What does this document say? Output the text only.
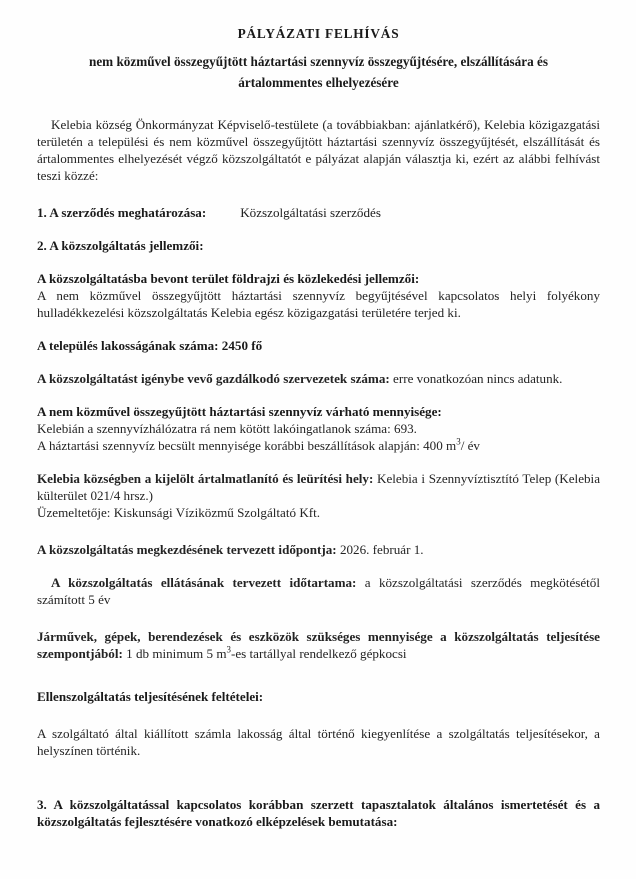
PÁLYÁZATI FELHÍVÁS
nem közművel összegyűjtött háztartási szennyvíz összegyűjtésére, elszállítására és
ártalommentes elhelyezésére

Kelebia község Önkormányzat Képviselő-testülete (a továbbiakban: ajánlatkérő), Kelebia közigazgatási területén a települési és nem közművel összegyűjtött háztartási szennyvíz összegyűjtését, elszállítását és ártalommentes elhelyezését végző közszolgáltatót e pályázat alapján választja ki, ezért az alábbi felhívást teszi közzé:

1. A szerződés meghatározása:	Közszolgáltatási szerződés

2. A közszolgáltatás jellemzői:

A közszolgáltatásba bevont terület földrajzi és közlekedési jellemzői:

A nem közművel összegyűjtött háztartási szennyvíz begyűjtésével kapcsolatos helyi folyékony hulladékkezelési közszolgáltatás Kelebia egész közigazgatási területére terjed ki.

A település lakosságának száma: 2450 fő

A közszolgáltatást igénybe vevő gazdálkodó szervezetek száma: erre vonatkozóan nincs adatunk.

A nem közművel összegyűjtött háztartási szennyvíz várható mennyisége:

Kelebián a szennyvízhálózatra rá nem kötött lakóingatlanok száma: 693.

A háztartási szennyvíz becsült mennyisége korábbi beszállítások alapján: 400 $m^3/$ év

Kelebia községben a kijelölt ártalmatlanító és leürítési hely: Kelebia i Szennyvíztisztító Telep (Kelebia külterület 021/4 hrsz.)

Üzemeltetője: Kiskunsági Víziközmű Szolgáltató Kft.

A közszolgáltatás megkezdésének tervezett időpontja: 2026. február 1.

A közszolgáltatás ellátásának tervezett időtartama: a közszolgáltatási szerződés megkötésétől számított 5 év

Járművek, gépek, berendezések és eszközök szükséges mennyisége a közszolgáltatás teljesítése szempontjából: 1 db minimum 5 $m^3-es$ tartállyal rendelkező gépkocsi

Ellenszolgáltatás teljesítésének feltételei:

A szolgáltató által kiállított számla lakosság által történő kiegyenlítése a szolgáltatás teljesítésekor, a helyszínen történik.

3. A közszolgáltatással kapcsolatos korábban szerzett tapasztalatok általános ismertetését és a közszolgáltatás fejlesztésére vonatkozó elképzelések bemutatása:
